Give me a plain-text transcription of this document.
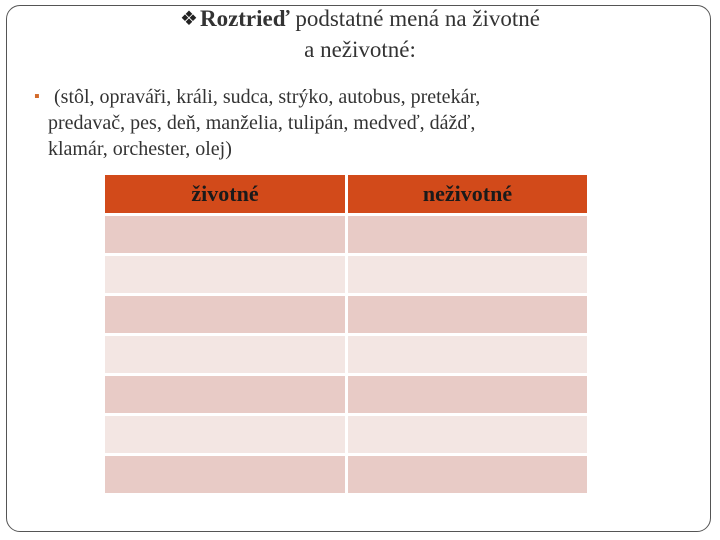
❖Roztrieď podstatné mená na životné
a neživotné:
▪ (stôl, opraváři, králi, sudca, strýko, autobus, pretekár,
predavač, pes, deň, manželia, tulipán, medveď, dážď,
klamár, orchester, olej)
životné	neživotné
